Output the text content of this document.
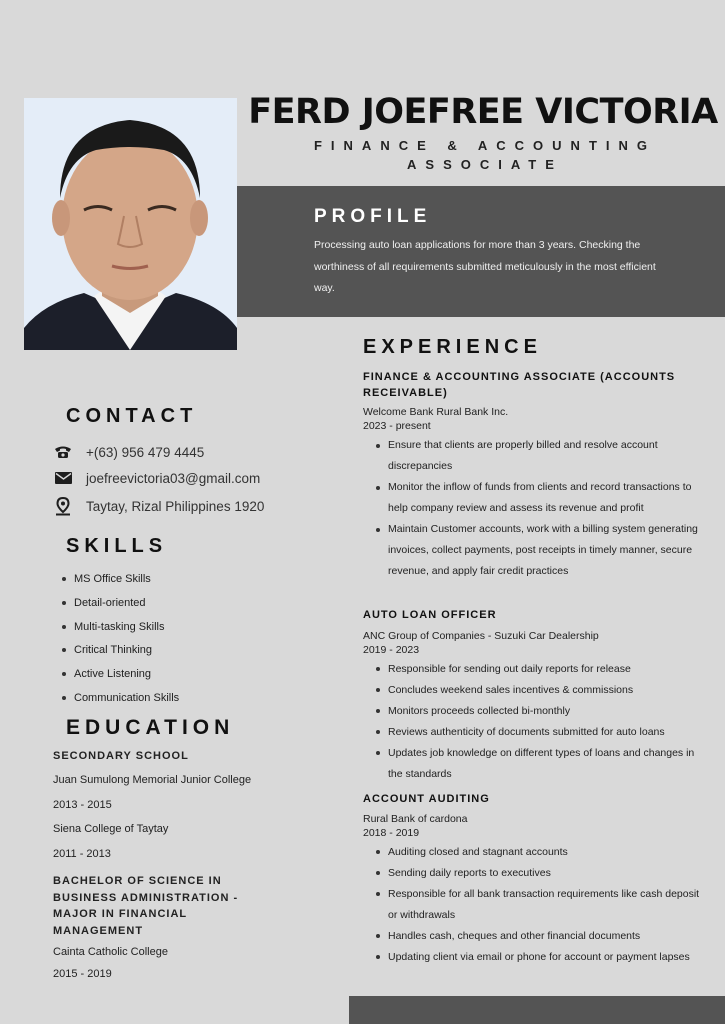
FERD JOEFREE VICTORIA
FINANCE & ACCOUNTING ASSOCIATE
PROFILE

Processing auto loan applications for more than 3 years. Checking the worthiness of all requirements submitted meticulously in the most efficient way.

CONTACT
+(63) 956 479 4445
joefreevictoria03@gmail.com
Taytay, Rizal Philippines 1920
SKILLS
MS Office Skills
Detail-oriented
Multi-tasking Skills
Critical Thinking
Active Listening
Communication Skills
EDUCATION
SECONDARY SCHOOL
Juan Sumulong Memorial Junior College
2013 - 2015
Siena College of Taytay
2011 - 2013
BACHELOR OF SCIENCE IN BUSINESS ADMINISTRATION - MAJOR IN FINANCIAL MANAGEMENT
Cainta Catholic College
2015 - 2019
EXPERIENCE
FINANCE & ACCOUNTING ASSOCIATE (ACCOUNTS RECEIVABLE)
Welcome Bank Rural Bank Inc.
2023 - present
Ensure that clients are properly billed and resolve account discrepancies
Monitor the inflow of funds from clients and record transactions to help company review and assess its revenue and profit
Maintain Customer accounts, work with a billing system generating invoices, collect payments, post receipts in timely manner, secure revenue, and apply fair credit practices
AUTO LOAN OFFICER
ANC Group of Companies - Suzuki Car Dealership
2019 - 2023
Responsible for sending out daily reports for release
Concludes weekend sales incentives & commissions
Monitors proceeds collected bi-monthly
Reviews authenticity of documents submitted for auto loans
Updates job knowledge on different types of loans and changes in the standards
ACCOUNT AUDITING
Rural Bank of cardona
2018 - 2019
Auditing closed and stagnant accounts
Sending daily reports to executives
Responsible for all bank transaction requirements like cash deposit or withdrawals
Handles cash, cheques and other financial documents
Updating client via email or phone for account or payment lapses
